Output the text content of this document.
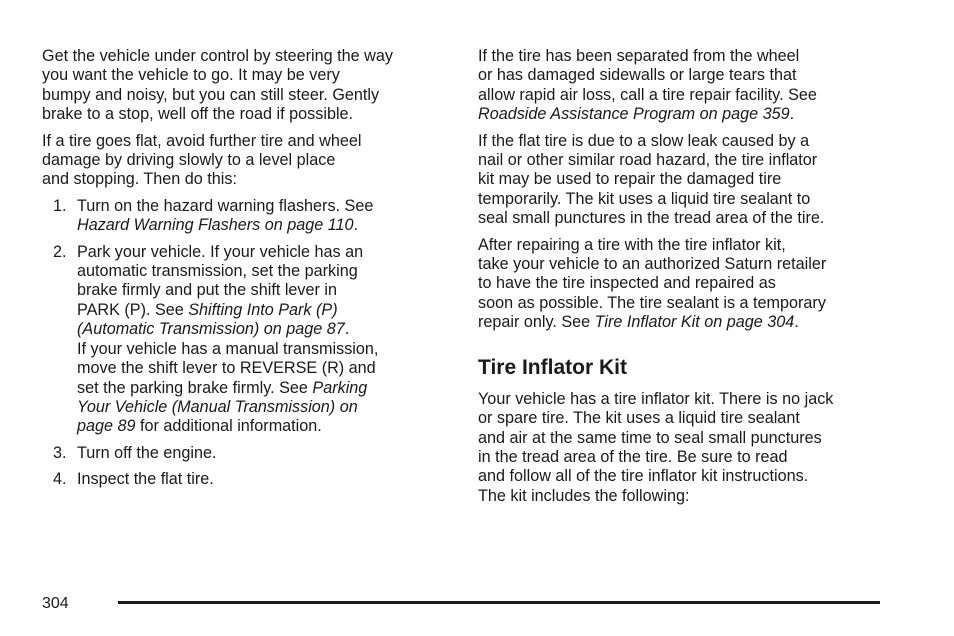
Get the vehicle under control by steering the way
you want the vehicle to go. It may be very
bumpy and noisy, but you can still steer. Gently
brake to a stop, well off the road if possible.

If a tire goes flat, avoid further tire and wheel
damage by driving slowly to a level place
and stopping. Then do this:

1. Turn on the hazard warning flashers. See
Hazard Warning Flashers on page 110.
2. Park your vehicle. If your vehicle has an
automatic transmission, set the parking
brake firmly and put the shift lever in
PARK (P). See Shifting Into Park (P)
(Automatic Transmission) on page 87.
If your vehicle has a manual transmission,
move the shift lever to REVERSE (R) and
set the parking brake firmly. See Parking
Your Vehicle (Manual Transmission) on
page 89 for additional information.
3. Turn off the engine.
4. Inspect the flat tire.

If the tire has been separated from the wheel
or has damaged sidewalls or large tears that
allow rapid air loss, call a tire repair facility. See
Roadside Assistance Program on page 359.

If the flat tire is due to a slow leak caused by a
nail or other similar road hazard, the tire inflator
kit may be used to repair the damaged tire
temporarily. The kit uses a liquid tire sealant to
seal small punctures in the tread area of the tire.

After repairing a tire with the tire inflator kit,
take your vehicle to an authorized Saturn retailer
to have the tire inspected and repaired as
soon as possible. The tire sealant is a temporary
repair only. See Tire Inflator Kit on page 304.

Tire Inflator Kit

Your vehicle has a tire inflator kit. There is no jack
or spare tire. The kit uses a liquid tire sealant
and air at the same time to seal small punctures
in the tread area of the tire. Be sure to read
and follow all of the tire inflator kit instructions.
The kit includes the following:

304
